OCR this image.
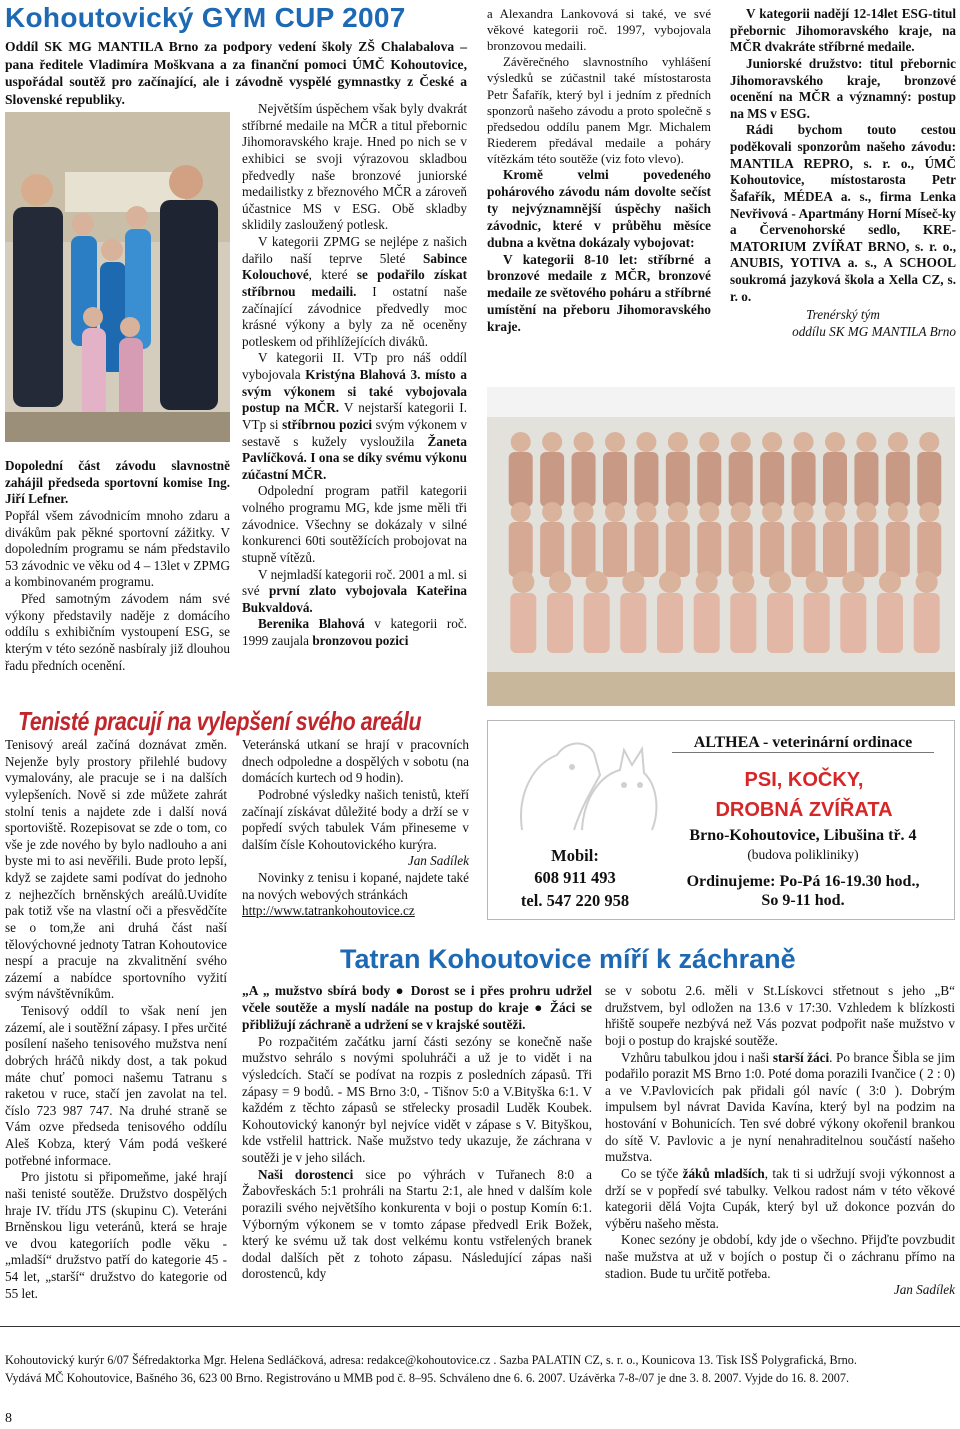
Kohoutovický GYM CUP 2007
Oddíl SK MG MANTILA Brno za podpory vedení školy ZŠ Chalabalova – pana ředitele Vladimíra Moškvana a za finanční pomoci ÚMČ Kohoutovice, uspořádal soutěž pro začínající, ale i závodně vyspělé gymnastky z České a Slovenské republiky.

Dopolední část závodu slavnostně zahájil předseda sportovní komise Ing. Jiří Lefner.

Popřál všem závodnicím mnoho zdaru a divákům pak pěkné sportovní zážitky. V dopoledním programu se nám představilo 53 závodnic ve věku od 4 – 13let v ZPMG a kombinovaném programu.

Před samotným závodem nám své výkony představily naděje z domácího oddílu s exhibičním vystoupení ESG, se kterým v této sezóně nasbíraly již dlouhou řadu předních ocenění.

Největším úspěchem však byly dvakrát stříbrné medaile na MČR a titul přebornic Jihomoravského kraje. Hned po nich se v exhibici se svoji výrazovou skladbou předvedly naše bronzové juniorské medailistky z březnového MČR a zároveň účastnice MS v ESG. Obě skladby sklidily zasloužený potlesk.

V kategorii ZPMG se nejlépe z našich dařilo naší teprve 5leté Sabince Kolouchové, které se podařilo získat stříbrnou medaili. I ostatní naše začínající závodnice předvedly moc krásné výkony a byly za ně oceněny potleskem od přihlížejících diváků.

V kategorii II. VTp pro náš oddíl vybojovala Kristýna Blahová 3. místo a svým výkonem si také vybojovala postup na MČR. V nejstarší kategorii I. VTp si stříbrnou pozici svým výkonem v sestavě s kužely vysloužila Žaneta Pavlíčková. I ona se díky svému výkonu zúčastní MČR.

Odpolední program patřil kategorii volného programu MG, kde jsme měli tři závodnice. Všechny se dokázaly v silné konkurenci 60ti soutěžících probojovat na stupně vítězů.

V nejmladší kategorii roč. 2001 a ml. si své první zlato vybojovala Kateřina Bukvaldová.

Berenika Blahová v kategorii roč. 1999 zaujala bronzovou pozici

a Alexandra Lankovová si také, ve své věkové kategorii roč. 1997, vybojovala bronzovou medaili.

Závěrečného slavnostního vyhlášení výsledků se zúčastnil také místostarosta Petr Šafařík, který byl i jedním z předních sponzorů našeho závodu a proto společně s předsedou oddílu panem Mgr. Michalem Riederem předával medaile a poháry vítězkám této soutěže (viz foto vlevo).

Kromě velmi povedeného pohárového závodu nám dovolte sečíst ty nejvýznamnější úspěchy našich závodnic, které v průběhu měsíce dubna a května dokázaly vybojovat:

V kategorii 8-10 let: stříbrné a bronzové medaile z MČR, bronzové medaile ze světového poháru a stříbrné umístění na přeboru Jihomoravského kraje.

V kategorii nadějí 12-14let ESG-titul přebornic Jihomoravského kraje, na MČR dvakráte stříbrné medaile.

Juniorské družstvo: titul přebornic Jihomoravského kraje, bronzové ocenění na MČR a významný: postup na MS v ESG.

Rádi bychom touto cestou poděkovali sponzorům našeho závodu: MANTILA REPRO, s. r. o., ÚMČ Kohoutovice, místostarosta Petr Šafařík, MÉDEA a. s., firma Lenka Nevřivová - Apartmány Horní Míseč-ky a Červenohorské sedlo, KRE-MATORIUM ZVÍŘAT BRNO, s. r. o., ANUBIS, YOTIVA a. s., A SCHOOL soukromá jazyková škola a Xella CZ, s. r. o.

Trenérský tým

oddílu SK MG MANTILA Brno

Tenisté pracují na vylepšení svého areálu

Tenisový areál začíná doznávat změn. Nejenže byly prostory přilehlé budovy vymalovány, ale pracuje se i na dalších vylepšeních. Nově si zde můžete zahrát stolní tenis a najdete zde i další nová sportoviště. Rozepisovat se zde o tom, co vše je zde nového by bylo nadlouho a ani byste mi to asi nevěřili. Bude proto lepší, když se zajdete sami podívat do jednoho z nejhezčích brněnských areálů.Uvidíte pak totiž vše na vlastní oči a přesvědčíte se o tom,že ani druhá část naší tělovýchovné jednoty Tatran Kohoutovice nespí a pracuje na zkvalitnění svého zázemí a nabídce sportovního vyžití svým návštěvníkům.

Tenisový oddíl to však není jen zázemí, ale i soutěžní zápasy. I přes určité posílení našeho tenisového mužstva není dobrých hráčů nikdy dost, a tak pokud máte chuť pomoci našemu Tatranu s raketou v ruce, stačí jen zavolat na tel. číslo 723 987 747. Na druhé straně se Vám ozve předseda tenisového oddílu Aleš Kobza, který Vám podá veškeré potřebné informace.

Pro jistotu si připomeňme, jaké hrají naši tenisté soutěže. Družstvo dospělých hraje IV. třídu JTS (skupinu C). Veteráni Brněnskou ligu veteránů, která se hraje ve dvou kategoriích podle věku - „mladší“ družstvo patří do kategorie 45 - 54 let, „starší“ družstvo do kategorie od 55 let.

Veteránská utkaní se hrají v pracovních dnech odpoledne a dospělých v sobotu (na domácích kurtech od 9 hodin).

Podrobné výsledky našich tenistů, kteří začínají získávat důležité body a drží se v popředí svých tabulek Vám přineseme v dalším čísle Kohoutovického kurýra.
Jan Sadílek

Novinky z tenisu i kopané, najdete také na nových webových stránkách

http://www.tatrankohoutovice.cz

ALTHEA - veterinární ordinace
PSI, KOČKY,
DROBNÁ ZVÍŘATA
Brno-Kohoutovice, Libušina tř. 4
(budova polikliniky)
Ordinujeme: Po-Pá 16-19.30 hod.,
So 9-11 hod.
Mobil:
608 911 493
tel. 547 220 958
Tatran Kohoutovice míří k záchraně

„A „ mužstvo sbírá body ● Dorost se i přes prohru udržel včele soutěže a myslí nadále na postup do kraje ● Žáci se přibližují záchraně a udržení se v krajské soutěži.

Po rozpačitém začátku jarní části sezóny se konečně naše mužstvo sehrálo s novými spoluhráči a už je to vidět i na výsledcích. Stačí se podívat na rozpis z posledních zápasů. Tři zápasy = 9 bodů. - MS Brno 3:0, - Tišnov 5:0 a V.Bityška 6:1. V každém z těchto zápasů se střelecky prosadil Luděk Koubek. Kohoutovický kanonýr byl nejvíce vidět v zápase s V. Bityškou, kde vstřelil hattrick. Naše mužstvo tedy ukazuje, že záchrana v soutěži je v jeho silách.

Naši dorostenci sice po výhrách v Tuřanech 8:0 a Žabovřeskách 5:1 prohráli na Startu 2:1, ale hned v dalším kole porazili svého největšího konkurenta v boji o postup Komín 6:1. Výborným výkonem se v tomto zápase předvedl Erik Božek, který ke svému už tak dost velkému kontu vstřelených branek dodal dalších pět z tohoto zápasu. Následující zápas naši dorostenců, kdy

se v sobotu 2.6. měli v St.Lískovci střetnout s jeho „B“ družstvem, byl odložen na 13.6 v 17:30. Vzhledem k blízkosti hřiště soupeře nezbývá než Vás pozvat podpořit naše mužstvo v boji o postup do krajské soutěže.

Vzhůru tabulkou jdou i naši starší žáci. Po brance Šibla se jim podařilo porazit MS Brno 1:0. Poté doma porazili Ivančice ( 2 : 0) a ve V.Pavlovicích pak přidali gól navíc ( 3:0 ). Dobrým impulsem byl návrat Davida Kavína, který byl na podzim na hostování v Bohunicích. Ten své dobré výkony okořenil brankou do sítě V. Pavlovic a je nyní nenahraditelnou součástí našeho mužstva.

Co se týče žáků mladších, tak ti si udržují svoji výkonnost a drží se v popředí své tabulky. Velkou radost nám v této věkové kategorii dělá Vojta Cupák, který byl už dokonce pozván do výběru našeho města.

Konec sezóny je období, kdy jde o všechno. Přijďte povzbudit naše mužstva at už v bojích o postup či o záchranu přímo na stadion. Bude tu určitě potřeba.

Jan Sadílek

Kohoutovický kurýr 6/07 Šéfredaktorka Mgr. Helena Sedláčková, adresa: redakce@kohoutovice.cz . Sazba PALATIN CZ, s. r. o., Kounicova 13. Tisk ISŠ Polygrafická, Brno.
Vydává MČ Kohoutovice, Bašného 36, 623 00 Brno. Registrováno u MMB pod č. 8–95. Schváleno dne 6. 6. 2007. Uzávěrka 7-8-/07 je dne 3. 8. 2007. Vyjde do 16. 8. 2007.
8
